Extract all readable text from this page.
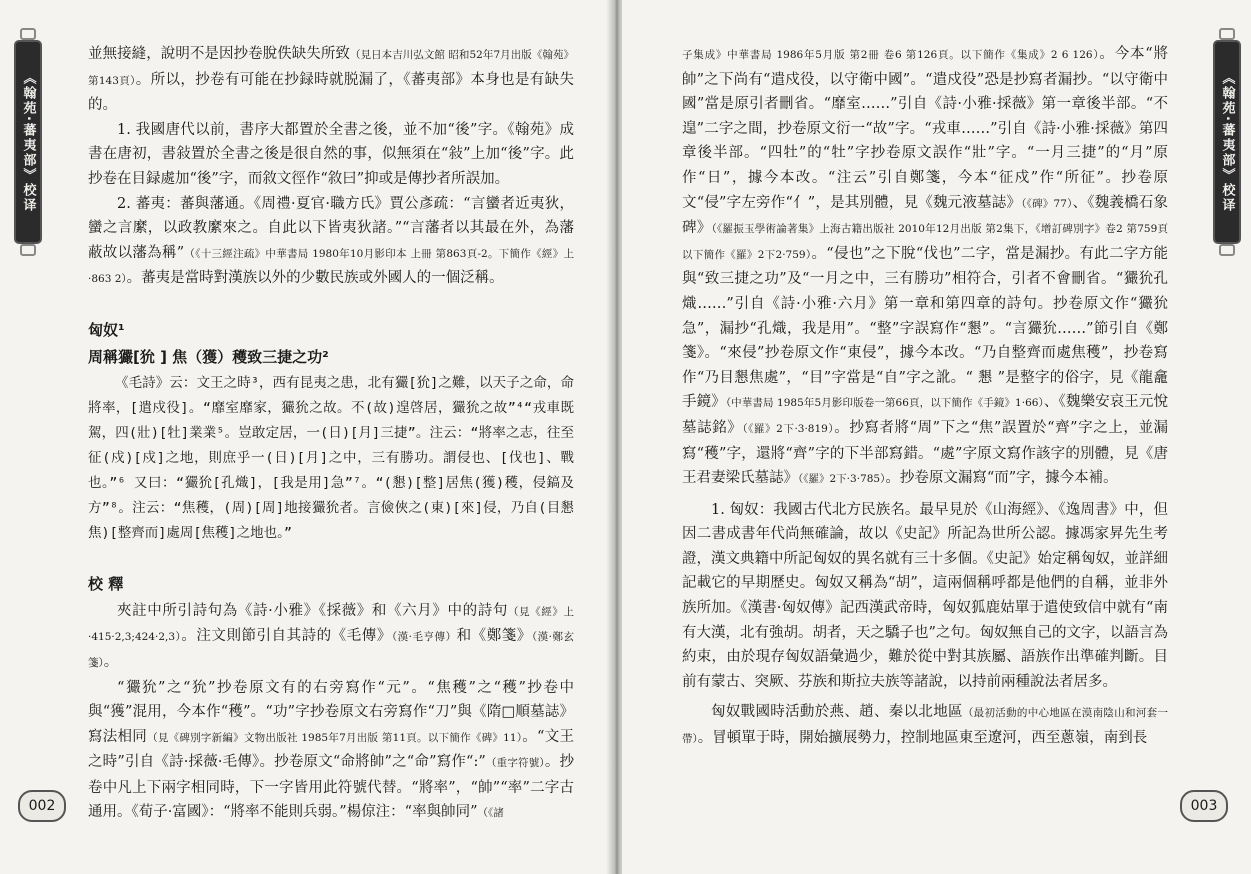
《翰苑·蕃夷部》校译

並無接縫，說明不是因抄卷脫佚缺失所致（見日本吉川弘文館 昭和52年7月出版《翰苑》第143頁）。所以，抄卷有可能在抄録時就脱漏了，《蕃夷部》本身也是有缺失的。

1. 我國唐代以前，書序大都置於全書之後，並不加“後”字。《翰苑》成書在唐初，書敍置於全書之後是很自然的事，似無須在“敍”上加“後”字。此抄卷在目録處加“後”字，而敘文徑作“敘曰”抑或是傳抄者所誤加。

2. 蕃夷：蕃與藩通。《周禮·夏官·職方氏》賈公彥疏：“言蠻者近夷狄，蠻之言縻，以政教縻來之。自此以下皆夷狄諸。”“言藩者以其最在外，為藩蔽故以藩為稱”（《十三經注疏》中華書局 1980年10月影印本 上冊 第863頁-2。下簡作《經》上·863 2）。蕃夷是當時對漢族以外的少數民族或外國人的一個泛稱。

匈奴¹
周稱玁[狁 ] 焦（獲）穫致三捷之功²

《毛詩》云：文王之時³，西有昆夷之患，北有玁[狁]之難，以天子之命，命將率，[遣戍役]。“靡室靡家，玁狁之故。不(故)遑啓居，玁狁之故”⁴“戎車既駕，四(壯)[牡]業業⁵。豈敢定居，一(日)[月]三捷”。注云：“將率之志，往至征(戍)[戍]之地，則庶乎一(日)[月]之中，三有勝功。謂侵也、[伐也]、戰也。”⁶ 又曰：“玁狁[孔熾]，[我是用]急”⁷。“(懇)[整]居焦(獲)穫，侵鎬及方”⁸。注云：“焦穫，(周)[周]地接玁狁者。言儉俠之(東)[來]侵，乃自(目懇焦)[整齊而]處周[焦穫]之地也。”

校 釋

夾註中所引詩句為《詩·小雅》《採薇》和《六月》中的詩句（見《經》上·415·2,3;424·2,3）。注文則節引自其詩的《毛傳》（漢·毛亨傳）和《鄭箋》（漢·鄭玄箋）。

“玁狁”之“狁”抄卷原文有的右旁寫作“元”。“焦穫”之“穫”抄卷中與“獲”混用，今本作“穫”。“功”字抄卷原文右旁寫作“刀”與《隋□順墓誌》寫法相同（見《碑別字新編》文物出版社 1985年7月出版 第11頁。以下簡作《碑》11）。“文王之時”引自《詩·採薇·毛傳》。抄卷原文“命將帥”之“命”寫作“:”（重字符號）。抄卷中凡上下兩字相同時，下一字皆用此符號代替。“將率”，“帥”“率”二字古通用。《荀子·富國》：“將率不能則兵弱。”楊倞注：“率與帥同”（《諸

002
《翰苑·蕃夷部》校译

子集成》中華書局 1986年5月版 第2冊 卷6 第126頁。以下簡作《集成》2 6 126）。今本“將帥”之下尚有“遣戍役，以守衛中國”。“遣戍役”恐是抄寫者漏抄。“以守衛中國”當是原引者刪省。“靡室……”引自《詩·小雅·採薇》第一章後半部。“不遑”二字之間，抄卷原文衍一“故”字。“戎車……”引自《詩·小雅·採薇》第四章後半部。“四牡”的“牡”字抄卷原文誤作“壯”字。“一月三捷”的“月”原作“日”，據今本改。“注云”引自鄭箋，今本“征戍”作“所征”。抄卷原文“侵”字左旁作“亻”，是其別體，見《魏元液墓誌》（《碑》77）、《魏義橋石象碑》（《羅振玉學術論著集》上海古籍出版社 2010年12月出版 第2集下，《增訂碑別字》卷2 第759頁 以下簡作《羅》2下2·759）。“侵也”之下脫“伐也”二字，當是漏抄。有此二字方能與“致三捷之功”及“一月之中，三有勝功”相符合，引者不會刪省。“玁狁孔熾……”引自《詩·小雅·六月》第一章和第四章的詩句。抄卷原文作“玁狁急”，漏抄“孔熾，我是用”。“整”字誤寫作“懇”。“言玁狁……”節引自《鄭箋》。“來侵”抄卷原文作“東侵”，據今本改。“乃自整齊而處焦穫”，抄卷寫作“乃目懇焦處”，“目”字當是“自”字之訛。“ 懇 ”是整字的俗字，見《龍龕手鏡》（中華書局 1985年5月影印版卷一第66頁，以下簡作《手鏡》1·66）、《魏樂安哀王元悅墓誌銘》（《羅》2下·3·819）。抄寫者將“周”下之“焦”誤置於“齊”字之上，並漏寫“穫”字，還將“齊”字的下半部寫錯。“處”字原文寫作該字的別體，見《唐王君妻梁氏墓誌》（《羅》2下·3·785）。抄卷原文漏寫“而”字，據今本補。

1. 匈奴：我國古代北方民族名。最早見於《山海經》、《逸周書》中，但因二書成書年代尚無確論，故以《史記》所記為世所公認。據馮家昇先生考證，漢文典籍中所記匈奴的異名就有三十多個。《史記》始定稱匈奴，並詳細記載它的早期歷史。匈奴又稱為“胡”，這兩個稱呼都是他們的自稱，並非外族所加。《漢書·匈奴傳》記西漢武帝時，匈奴狐鹿姑單于遣使致信中就有“南有大漢，北有強胡。胡者，天之驕子也”之句。匈奴無自己的文字，以語言為約束，由於現存匈奴語彙過少，難於從中對其族屬、語族作出準確判斷。目前有蒙古、突厥、芬族和斯拉夫族等諸說，以持前兩種說法者居多。

匈奴戰國時活動於燕、趙、秦以北地區（最初活動的中心地區在漠南陰山和河套一帶）。冒頓單于時，開始擴展勢力，控制地區東至遼河，西至蔥嶺，南到長

003
